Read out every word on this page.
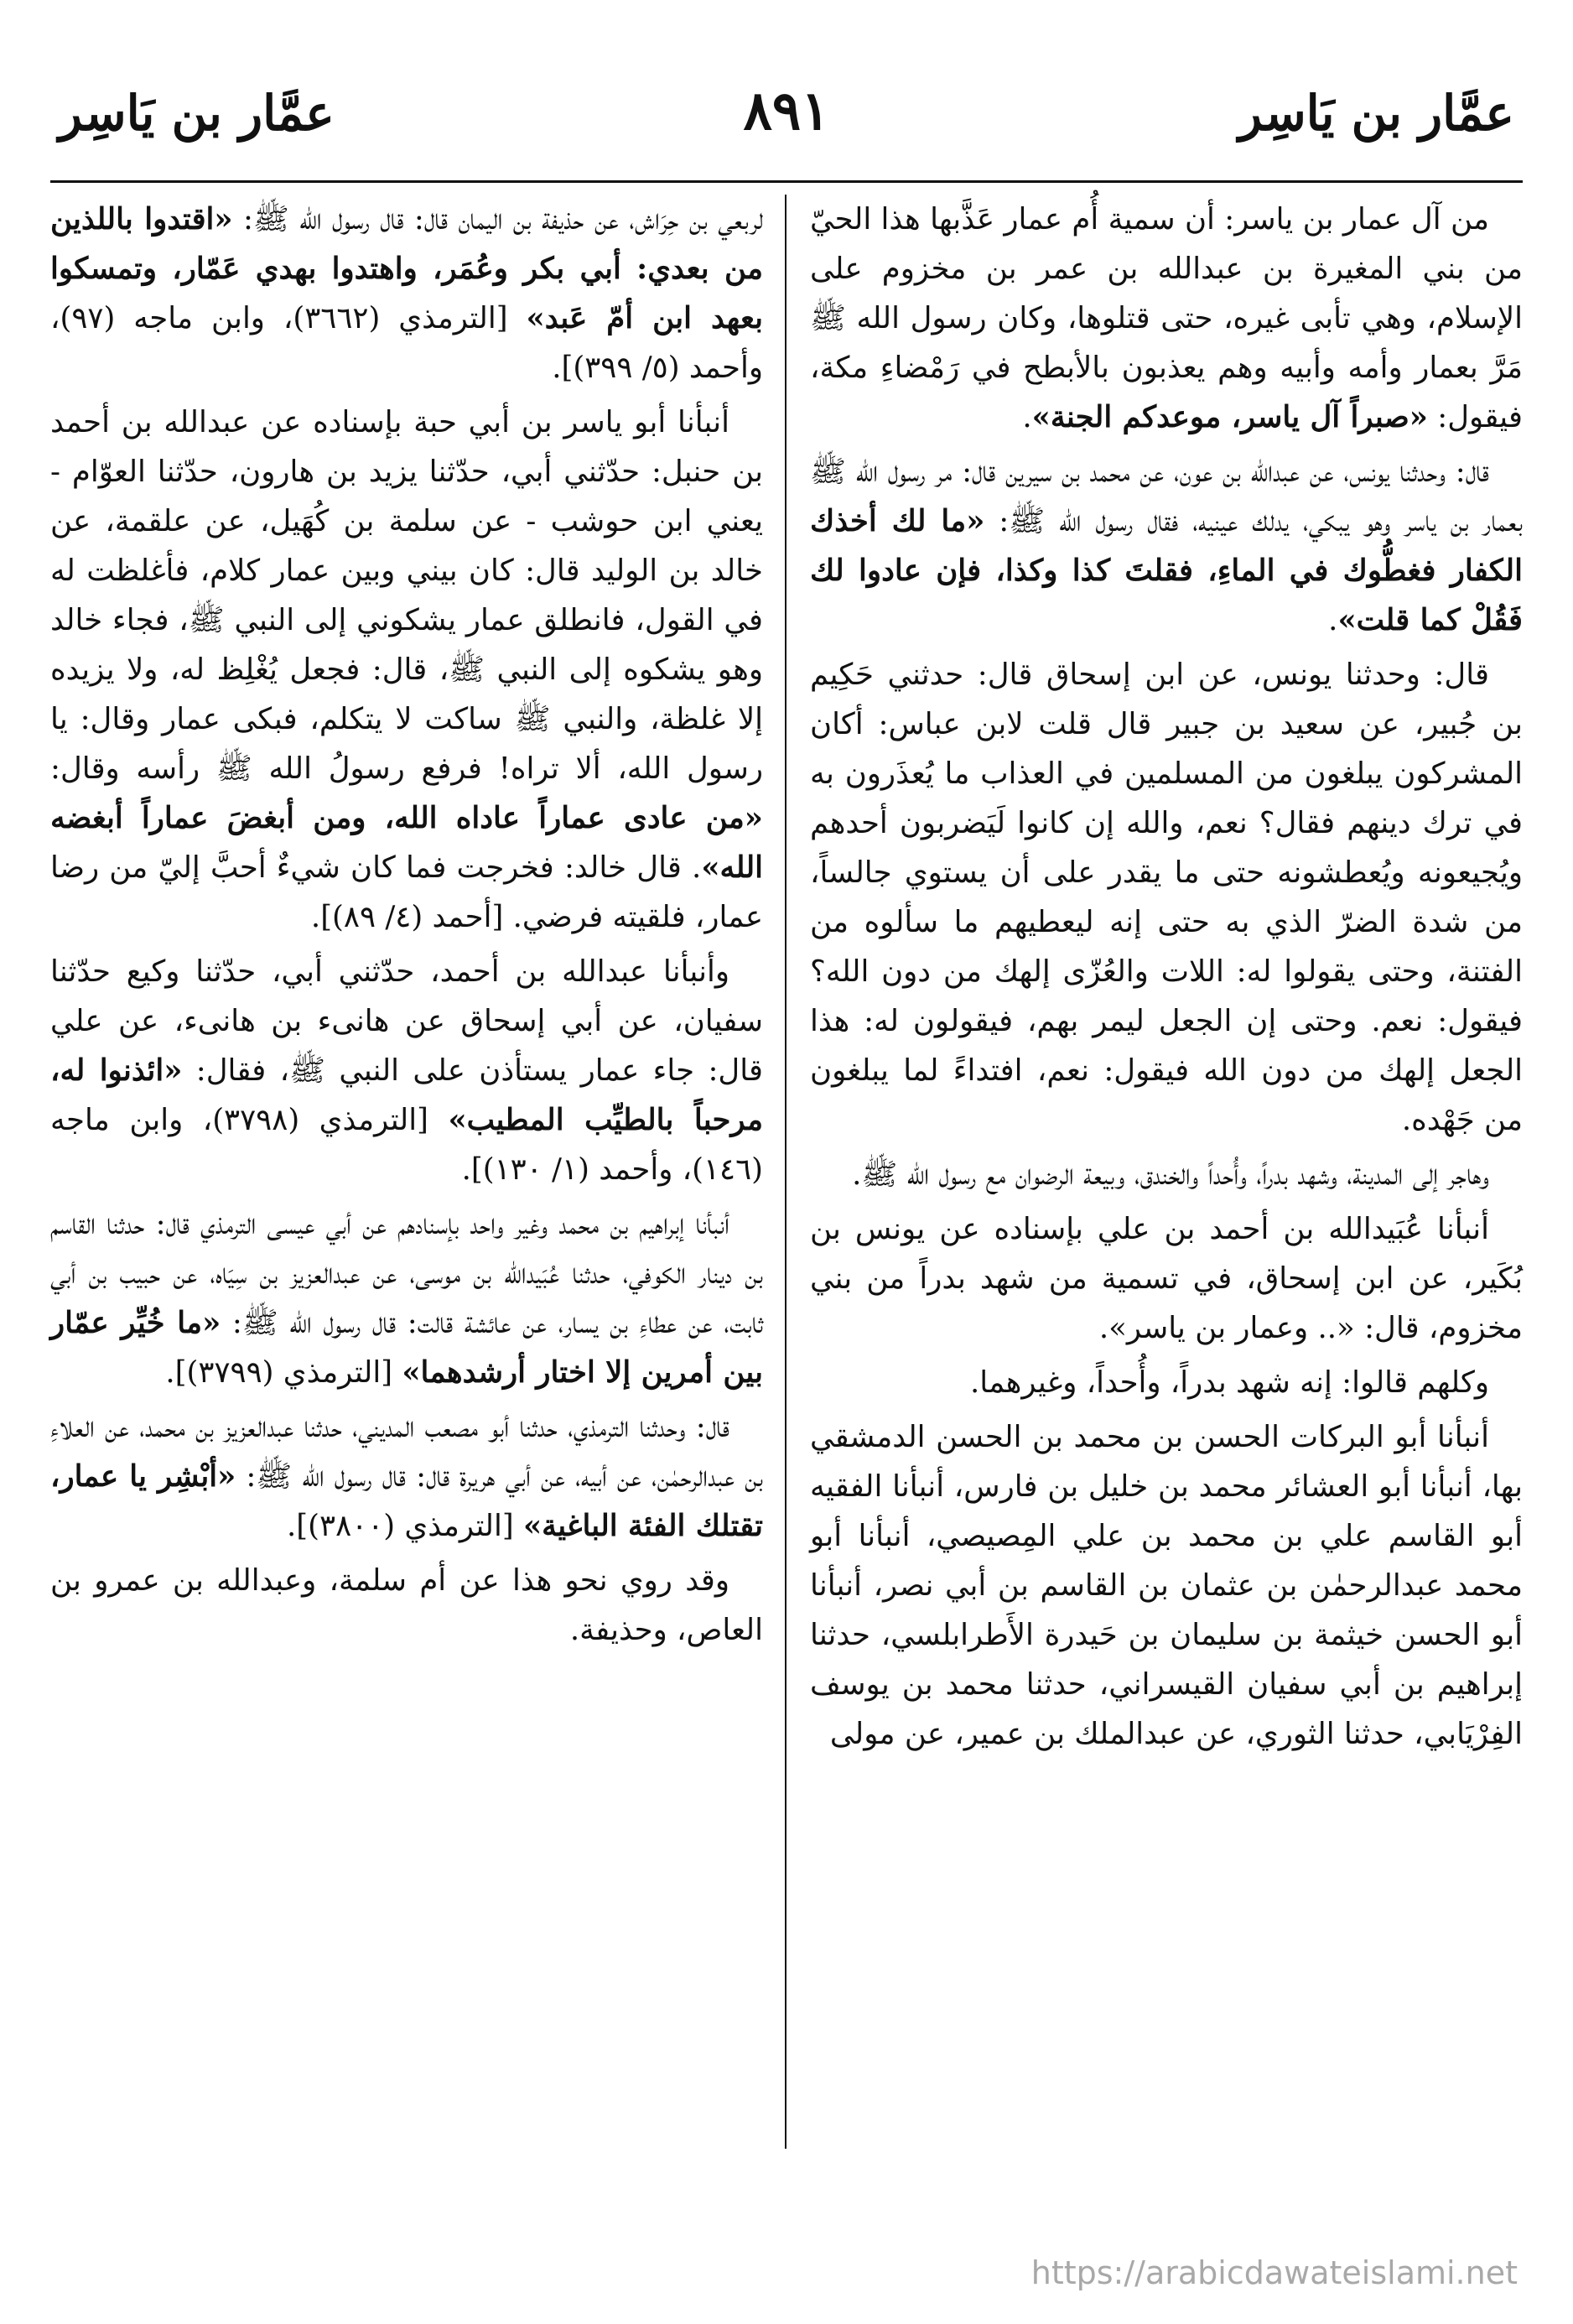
عمَّار بن يَاسِر
٨٩١
عمَّار بن يَاسِر

من آل عمار بن ياسر: أن سمية أُم عمار عَذَّبها هذا الحيّ من بني المغيرة بن عبدالله بن عمر بن مخزوم على الإسلام، وهي تأبى غيره، حتى قتلوها، وكان رسول الله ﷺ مَرَّ بعمار وأمه وأبيه وهم يعذبون بالأبطح في رَمْضاءِ مكة، فيقول: «صبراً آل ياسر، موعدكم الجنة».

قال: وحدثنا يونس، عن عبدالله بن عون، عن محمد بن سيرين قال: مر رسول الله ﷺ بعمار بن ياسر وهو يبكي، يدلك عينيه، فقال رسول الله ﷺ: «ما لك أخذك الكفار فغطُّوك في الماءِ، فقلتَ كذا وكذا، فإن عادوا لك فَقُلْ كما قلت».

قال: وحدثنا يونس، عن ابن إسحاق قال: حدثني حَكِيم بن جُبير، عن سعيد بن جبير قال قلت لابن عباس: أكان المشركون يبلغون من المسلمين في العذاب ما يُعذَرون به في ترك دينهم فقال؟ نعم، والله إن كانوا لَيَضربون أحدهم ويُجيعونه ويُعطشونه حتى ما يقدر على أن يستوي جالساً، من شدة الضرّ الذي به حتى إنه ليعطيهم ما سألوه من الفتنة، وحتى يقولوا له: اللات والعُزّى إلهك من دون الله؟ فيقول: نعم. وحتى إن الجعل ليمر بهم، فيقولون له: هذا الجعل إلهك من دون الله فيقول: نعم، افتداءً لما يبلغون من جَهْده.

وهاجر إلى المدينة، وشهد بدراً، وأُحداً والخندق، وبيعة الرضوان مع رسول الله ﷺ.

أنبأنا عُبَيدالله بن أحمد بن علي بإسناده عن يونس بن بُكَير، عن ابن إسحاق، في تسمية من شهد بدراً من بني مخزوم، قال: «.. وعمار بن ياسر».

وكلهم قالوا: إنه شهد بدراً، وأُحداً، وغيرهما.

أنبأنا أبو البركات الحسن بن محمد بن الحسن الدمشقي بها، أنبأنا أبو العشائر محمد بن خليل بن فارس، أنبأنا الفقيه أبو القاسم علي بن محمد بن علي المِصيصي، أنبأنا أبو محمد عبدالرحمٰن بن عثمان بن القاسم بن أبي نصر، أنبأنا أبو الحسن خيثمة بن سليمان بن حَيدرة الأَطرابلسي، حدثنا إبراهيم بن أبي سفيان القيسراني، حدثنا محمد بن يوسف الفِرْيَابي، حدثنا الثوري، عن عبدالملك بن عمير، عن مولى

لربعي بن حِرَاش، عن حذيفة بن اليمان قال: قال رسول الله ﷺ: «اقتدوا باللذين من بعدي: أبي بكر وعُمَر، واهتدوا بهدي عَمّار، وتمسكوا بعهد ابن أمّ عَبد» [الترمذي (٣٦٦٢)، وابن ماجه (٩٧)، وأحمد (٥/ ٣٩٩)].

أنبأنا أبو ياسر بن أبي حبة بإسناده عن عبدالله بن أحمد بن حنبل: حدّثني أبي، حدّثنا يزيد بن هارون، حدّثنا العوّام - يعني ابن حوشب - عن سلمة بن كُهَيل، عن علقمة، عن خالد بن الوليد قال: كان بيني وبين عمار كلام، فأغلظت له في القول، فانطلق عمار يشكوني إلى النبي ﷺ، فجاء خالد وهو يشكوه إلى النبي ﷺ، قال: فجعل يُغْلِظ له، ولا يزيده إلا غلظة، والنبي ﷺ ساكت لا يتكلم، فبكى عمار وقال: يا رسول الله، ألا تراه! فرفع رسولُ الله ﷺ رأسه وقال: «من عادى عماراً عاداه الله، ومن أبغضَ عماراً أبغضه الله». قال خالد: فخرجت فما كان شيءٌ أحبَّ إليّ من رضا عمار، فلقيته فرضي. [أحمد (٤/ ٨٩)].

وأنبأنا عبدالله بن أحمد، حدّثني أبي، حدّثنا وكيع حدّثنا سفيان، عن أبي إسحاق عن هانىء بن هانىء، عن علي قال: جاء عمار يستأذن على النبي ﷺ، فقال: «ائذنوا له، مرحباً بالطيِّب المطيب» [الترمذي (٣٧٩٨)، وابن ماجه (١٤٦)، وأحمد (١/ ١٣٠)].

أنبأنا إبراهيم بن محمد وغير واحد بإسنادهم عن أبي عيسى الترمذي قال: حدثنا القاسم بن دينار الكوفي، حدثنا عُبَيدالله بن موسى، عن عبدالعزيز بن سِيَاه، عن حبيب بن أبي ثابت، عن عطاءِ بن يسار، عن عائشة قالت: قال رسول الله ﷺ: «ما خُيِّر عمّار بين أمرين إلا اختار أرشدهما» [الترمذي (٣٧٩٩)].

قال: وحدثنا الترمذي، حدثنا أبو مصعب المديني، حدثنا عبدالعزيز بن محمد، عن العلاءِ بن عبدالرحمٰن، عن أبيه، عن أبي هريرة قال: قال رسول الله ﷺ: «أبْشِر يا عمار، تقتلك الفئة الباغية» [الترمذي (٣٨٠٠)].

وقد روي نحو هذا عن أم سلمة، وعبدالله بن عمرو بن العاص، وحذيفة.

https://arabicdawateislami.net
